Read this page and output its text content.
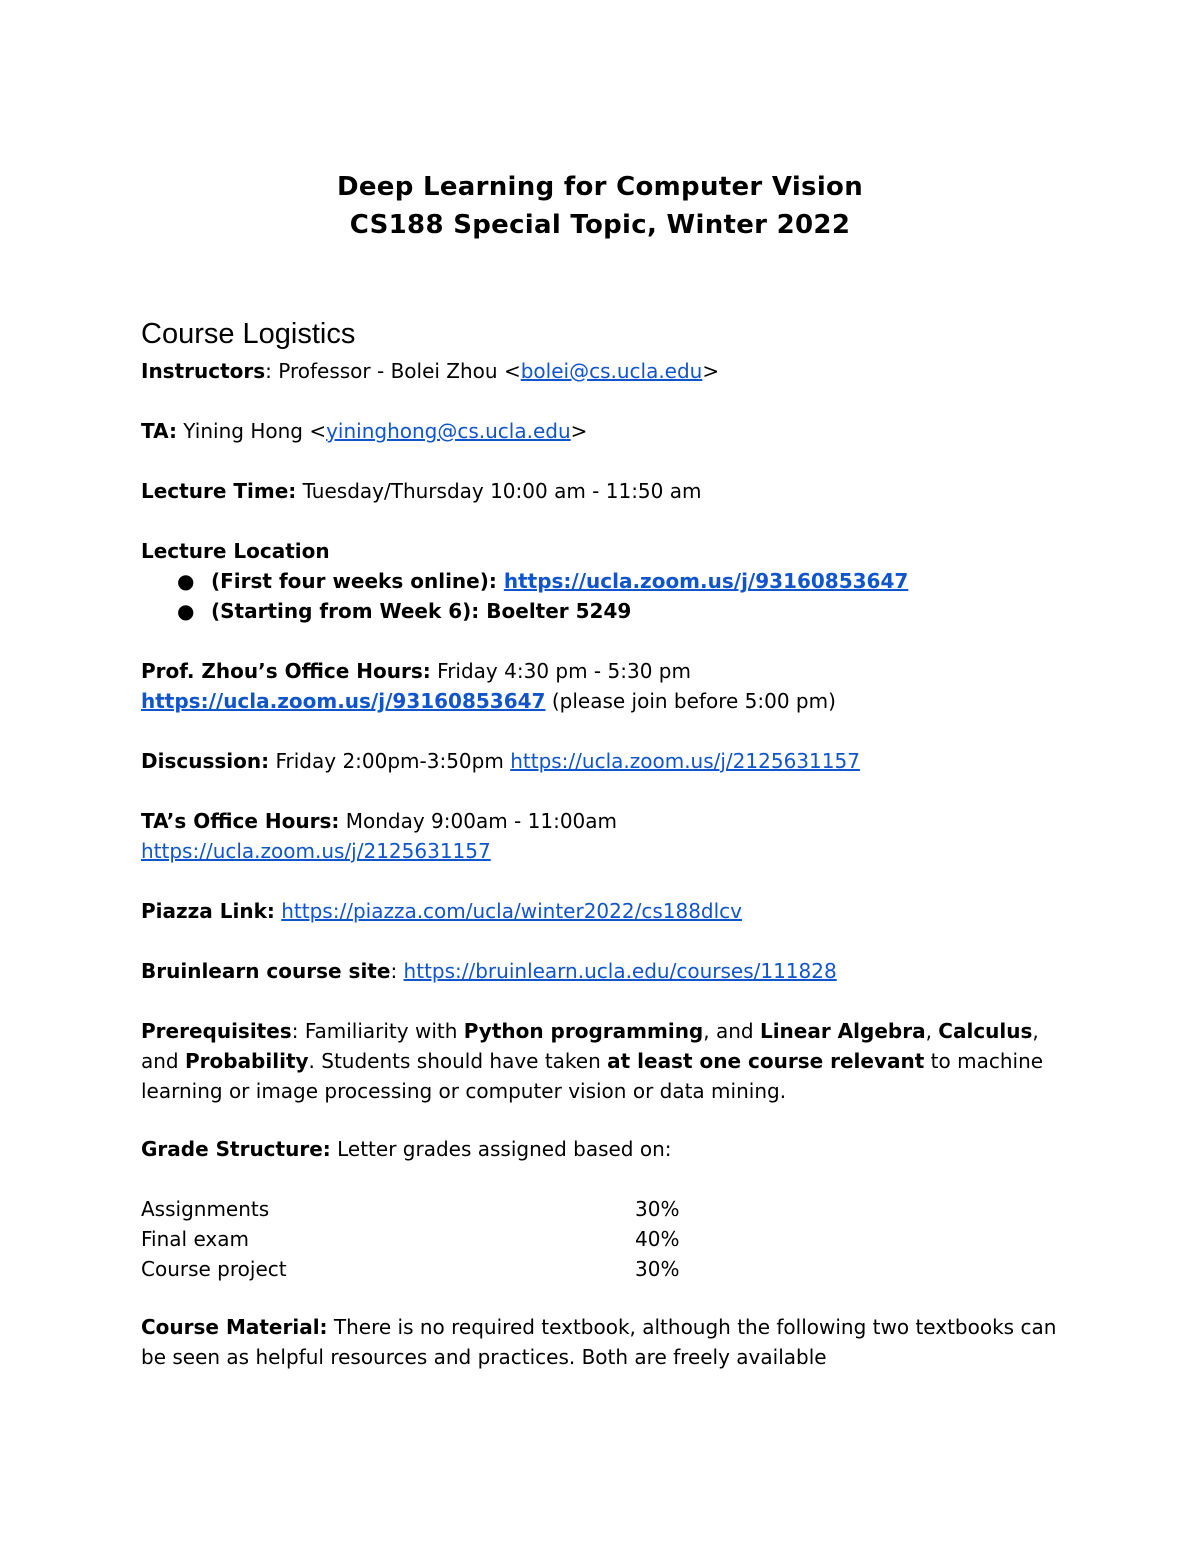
Deep Learning for Computer Vision
CS188 Special Topic, Winter 2022
Course Logistics

Instructors: Professor - Bolei Zhou <bolei@cs.ucla.edu>

TA: Yining Hong <yininghong@cs.ucla.edu>

Lecture Time: Tuesday/Thursday 10:00 am - 11:50 am

Lecture Location

● (First four weeks online): https://ucla.zoom.us/j/93160853647
● (Starting from Week 6): Boelter 5249

Prof. Zhou’s Office Hours: Friday 4:30 pm - 5:30 pm

https://ucla.zoom.us/j/93160853647 (please join before 5:00 pm)

Discussion: Friday 2:00pm-3:50pm https://ucla.zoom.us/j/2125631157

TA’s Office Hours: Monday 9:00am - 11:00am

https://ucla.zoom.us/j/2125631157

Piazza Link: https://piazza.com/ucla/winter2022/cs188dlcv

Bruinlearn course site: https://bruinlearn.ucla.edu/courses/111828

Prerequisites: Familiarity with Python programming, and Linear Algebra, Calculus, and Probability. Students should have taken at least one course relevant to machine learning or image processing or computer vision or data mining.

Grade Structure: Letter grades assigned based on:

Assignments	30%
Final exam	40%
Course project	30%

Course Material: There is no required textbook, although the following two textbooks can be seen as helpful resources and practices. Both are freely available
